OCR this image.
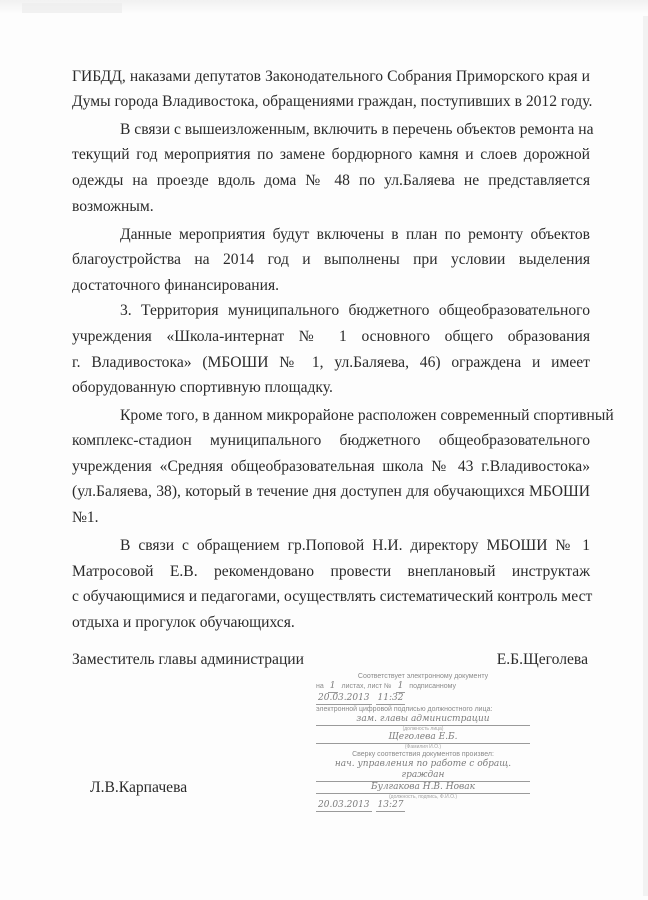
ГИБДД, наказами депутатов Законодательного Собрания Приморского края и
Думы города Владивостока, обращениями граждан, поступивших в 2012 году.
В связи с вышеизложенным, включить в перечень объектов ремонта на
текущий год мероприятия по замене бордюрного камня и слоев дорожной
одежды на проезде вдоль дома № 48 по ул.Баляева не представляется
возможным.
Данные мероприятия будут включены в план по ремонту объектов
благоустройства на 2014 год и выполнены при условии выделения
достаточного финансирования.
3. Территория муниципального бюджетного общеобразовательного
учреждения «Школа-интернат № 1 основного общего образования
г. Владивостока» (МБОШИ № 1, ул.Баляева, 46) ограждена и имеет
оборудованную спортивную площадку.
Кроме того, в данном микрорайоне расположен современный спортивный
комплекс-стадион муниципального бюджетного общеобразовательного
учреждения «Средняя общеобразовательная школа № 43 г.Владивостока»
(ул.Баляева, 38), который в течение дня доступен для обучающихся МБОШИ
№1.
В связи с обращением гр.Поповой Н.И. директору МБОШИ № 1
Матросовой Е.В. рекомендовано провести внеплановый инструктаж
с обучающимися и педагогами, осуществлять систематический контроль мест
отдыха и прогулок обучающихся.
Заместитель главы администрации	Е.Б.Щеголева
Л.В.Карпачева
Соответствует электронному документу
на 1 листах, лист № 1 подписанному
20.03.2013 11:32
электронной цифровой подписью должностного лица:
зам. главы администрации
(должность лица)
Щеголева Е.Б.
(Фамилия И.О.)
Сверку соответствия документов произвел:
нач. управления по работе с обращ. граждан
Булгакова Н.В. Новак
(должность, подпись, Ф.И.О.)
20.03.2013 13:27
